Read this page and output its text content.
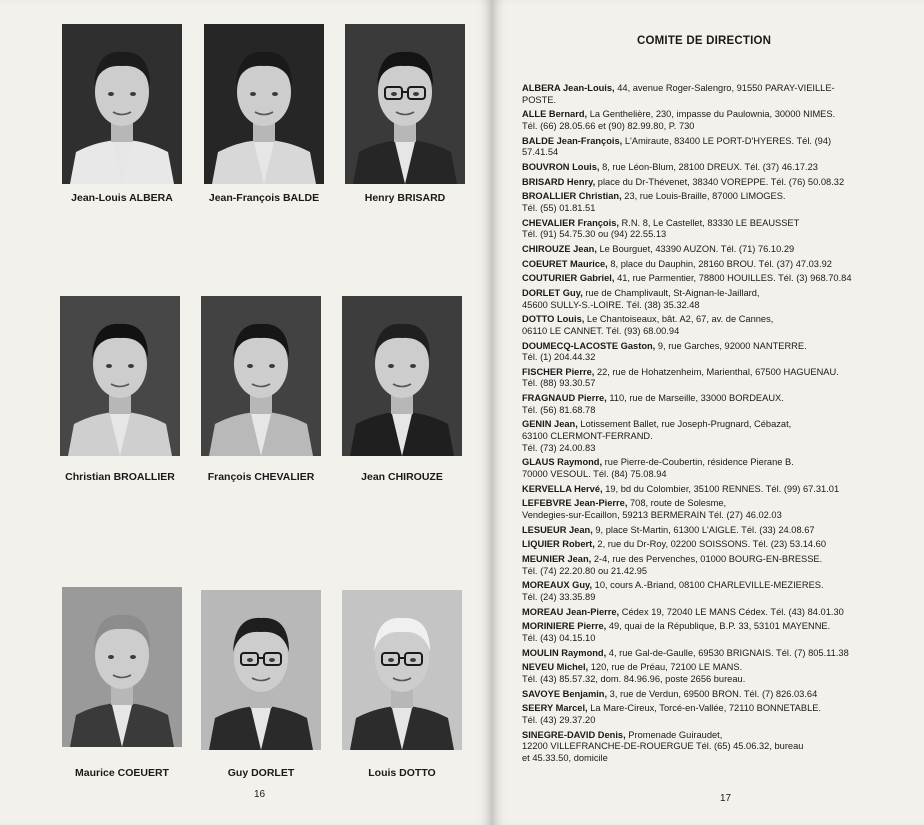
Jean-Louis ALBERA	Jean-François BALDE	Henry BRISARD
Christian BROALLIER	François CHEVALIER	Jean CHIROUZE
Maurice COEUERT	Guy DORLET	Louis DOTTO
16
COMITE DE DIRECTION
ALBERA Jean-Louis, 44, avenue Roger-Salengro, 91550 PARAY-VIEILLE-
POSTE.
ALLE Bernard, La Genthelière, 230, impasse du Paulownia, 30000 NIMES.
Tél. (66) 28.05.66 et (90) 82.99.80, P. 730
BALDE Jean-François, L'Amiraute, 83400 LE PORT-D'HYERES. Tél. (94)
57.41.54
BOUVRON Louis, 8, rue Léon-Blum, 28100 DREUX. Tél. (37) 46.17.23
BRISARD Henry, place du Dr-Thévenet, 38340 VOREPPE. Tél. (76) 50.08.32
BROALLIER Christian, 23, rue Louis-Braille, 87000 LIMOGES.
Tél. (55) 01.81.51
CHEVALIER François, R.N. 8, Le Castellet, 83330 LE BEAUSSET
Tél. (91) 54.75.30 ou (94) 22.55.13
CHIROUZE Jean, Le Bourguet, 43390 AUZON. Tél. (71) 76.10.29
COEURET Maurice, 8, place du Dauphin, 28160 BROU. Tél. (37) 47.03.92
COUTURIER Gabriel, 41, rue Parmentier, 78800 HOUILLES. Tél. (3) 968.70.84
DORLET Guy, rue de Champlivault, St-Aignan-le-Jaillard,
45600 SULLY-S.-LOIRE. Tél. (38) 35.32.48
DOTTO Louis, Le Chantoiseaux, bât. A2, 67, av. de Cannes,
06110 LE CANNET. Tél. (93) 68.00.94
DOUMECQ-LACOSTE Gaston, 9, rue Garches, 92000 NANTERRE.
Tél. (1) 204.44.32
FISCHER Pierre, 22, rue de Hohatzenheim, Marienthal, 67500 HAGUENAU.
Tél. (88) 93.30.57
FRAGNAUD Pierre, 110, rue de Marseille, 33000 BORDEAUX.
Tél. (56) 81.68.78
GENIN Jean, Lotissement Ballet, rue Joseph-Prugnard, Cébazat,
63100 CLERMONT-FERRAND.
Tél. (73) 24.00.83
GLAUS Raymond, rue Pierre-de-Coubertin, résidence Pierane B.
70000 VESOUL. Tél. (84) 75.08.94
KERVELLA Hervé, 19, bd du Colombier, 35100 RENNES. Tél. (99) 67.31.01
LEFEBVRE Jean-Pierre, 708, route de Solesme,
Vendegies-sur-Ecaillon, 59213 BERMERAIN Tél. (27) 46.02.03
LESUEUR Jean, 9, place St-Martin, 61300 L'AIGLE. Tél. (33) 24.08.67
LIQUIER Robert, 2, rue du Dr-Roy, 02200 SOISSONS. Tél. (23) 53.14.60
MEUNIER Jean, 2-4, rue des Pervenches, 01000 BOURG-EN-BRESSE.
Tél. (74) 22.20.80 ou 21.42.95
MOREAUX Guy, 10, cours A.-Briand, 08100 CHARLEVILLE-MEZIERES.
Tél. (24) 33.35.89
MOREAU Jean-Pierre, Cédex 19, 72040 LE MANS Cédex. Tél. (43) 84.01.30
MORINIERE Pierre, 49, quai de la République, B.P. 33, 53101 MAYENNE.
Tél. (43) 04.15.10
MOULIN Raymond, 4, rue Gal-de-Gaulle, 69530 BRIGNAIS. Tél. (7) 805.11.38
NEVEU Michel, 120, rue de Préau, 72100 LE MANS.
Tél. (43) 85.57.32, dom. 84.96.96, poste 2656 bureau.
SAVOYE Benjamin, 3, rue de Verdun, 69500 BRON. Tél. (7) 826.03.64
SEERY Marcel, La Mare-Cireux, Torcé-en-Vallée, 72110 BONNETABLE.
Tél. (43) 29.37.20
SINEGRE-DAVID Denis, Promenade Guiraudet,
12200 VILLEFRANCHE-DE-ROUERGUE Tél. (65) 45.06.32, bureau
et 45.33.50, domicile
17
